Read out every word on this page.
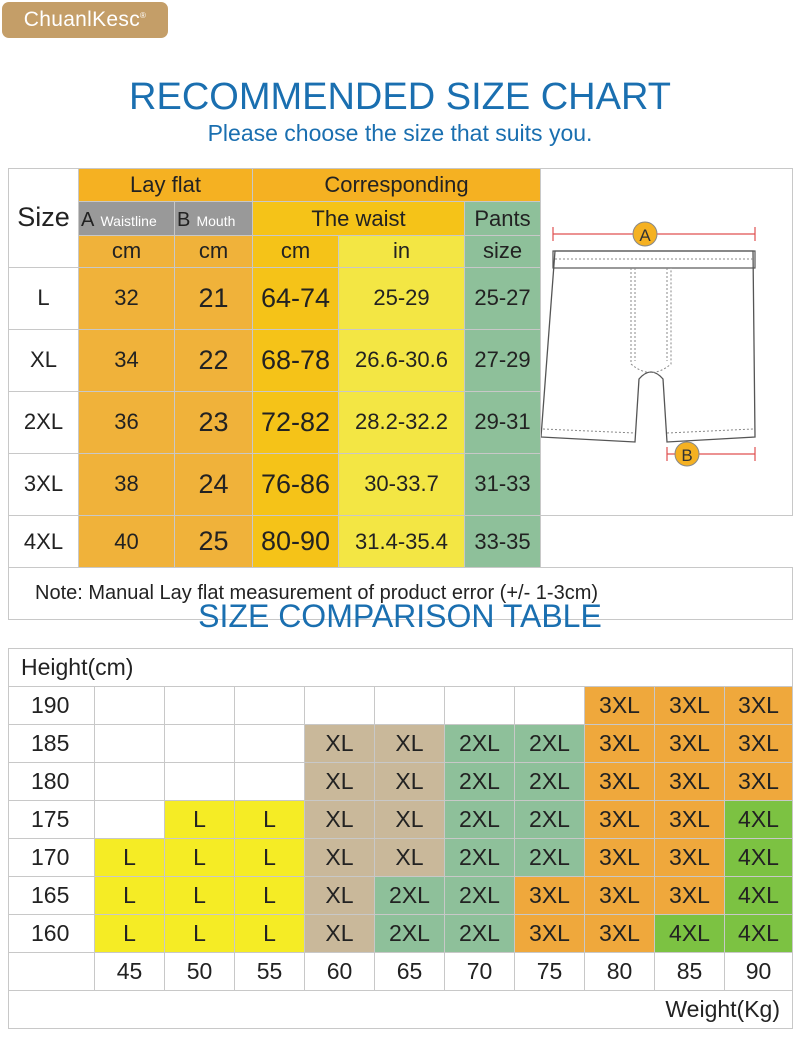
ChuanlKesc®
RECOMMENDED SIZE CHART
Please choose the size that suits you.
Size	Lay flat		Corresponding			A
B

	A Waistline	B Mouth	The waist		Pants	
	cm	cm	cm	in	size	
L	32	21	64-74	25-29	25-27	
XL	34	22	68-78	26.6-30.6	27-29	
2XL	36	23	72-82	28.2-32.2	29-31	
3XL	38	24	76-86	30-33.7	31-33	
4XL	40	25	80-90	31.4-35.4	33-35	
Note: Manual Lay flat measurement of product error (+/- 1-3cm)						
SIZE COMPARISON TABLE
Height(cm)										
190								3XL	3XL	3XL
185				XL	XL	2XL	2XL	3XL	3XL	3XL
180				XL	XL	2XL	2XL	3XL	3XL	3XL
175		L	L	XL	XL	2XL	2XL	3XL	3XL	4XL
170	L	L	L	XL	XL	2XL	2XL	3XL	3XL	4XL
165	L	L	L	XL	2XL	2XL	3XL	3XL	3XL	4XL
160	L	L	L	XL	2XL	2XL	3XL	3XL	4XL	4XL
	45	50	55	60	65	70	75	80	85	90
Weight(Kg)										
